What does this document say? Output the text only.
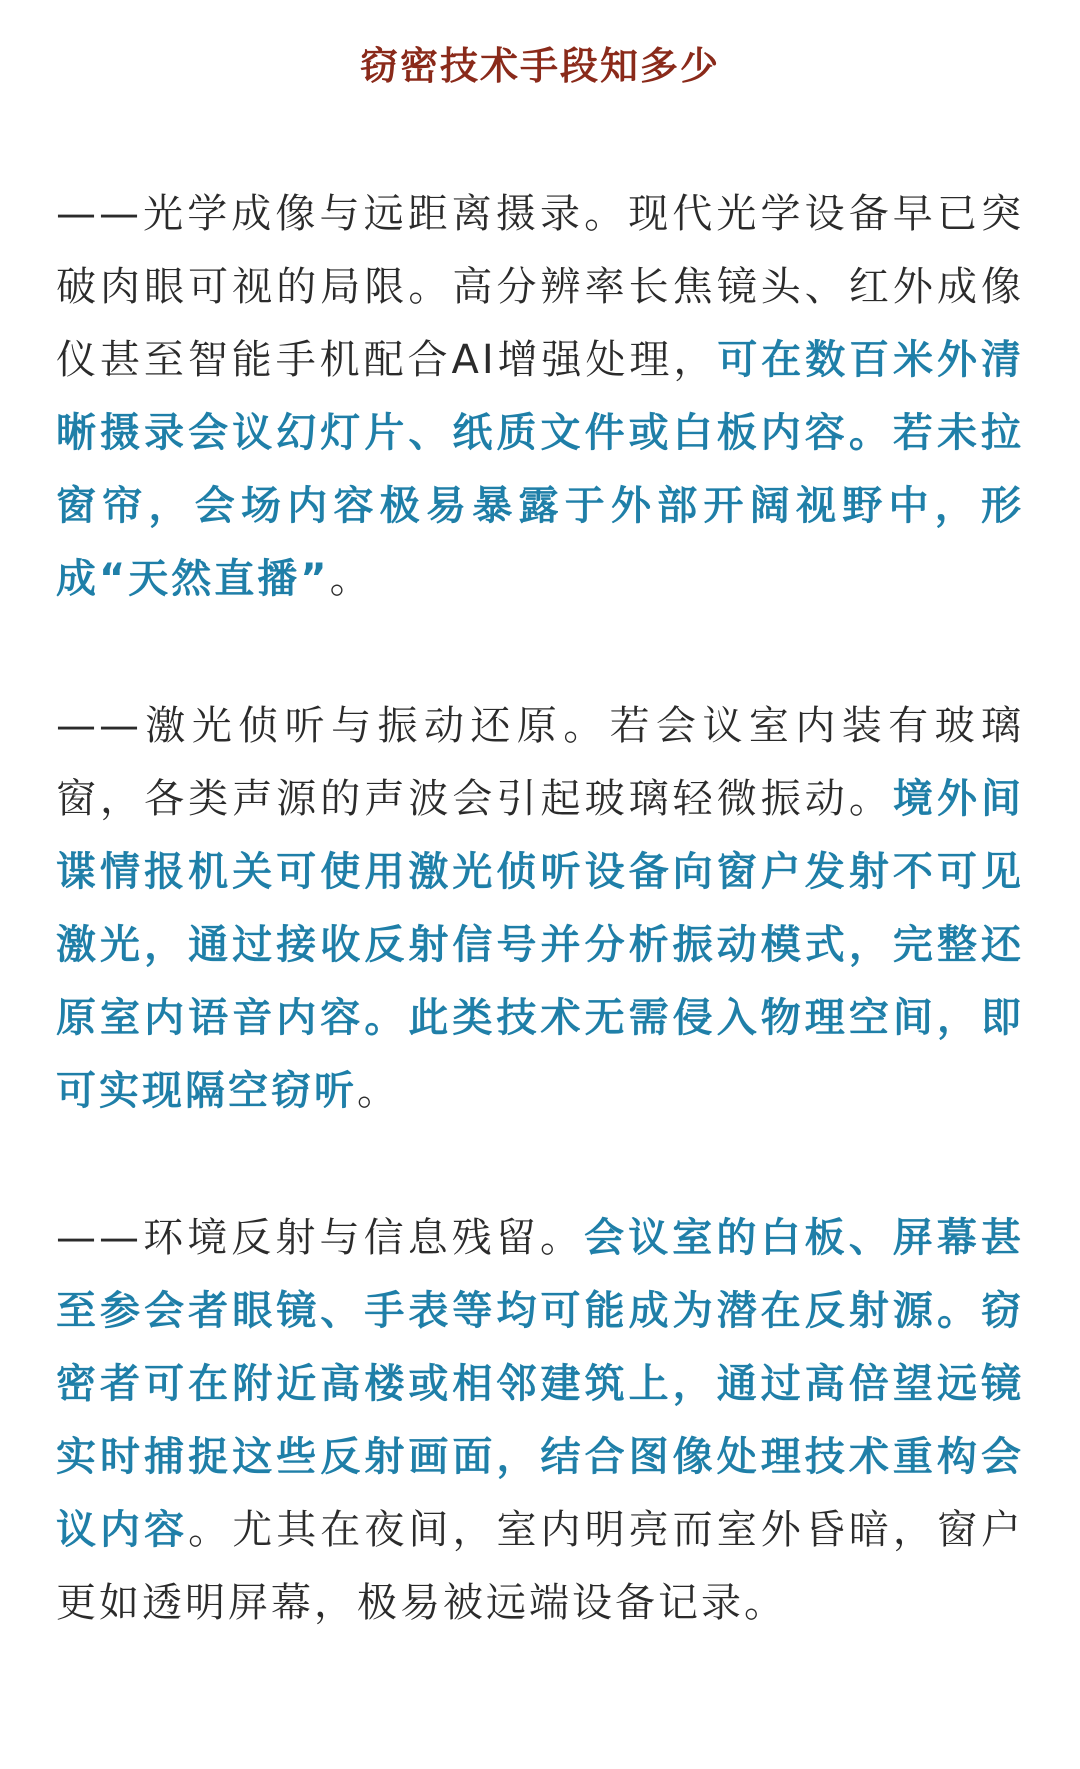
窃密技术手段知多少

——光学成像与远距离摄录。现代光学设备早已突破肉眼可视的局限。高分辨率长焦镜头、红外成像仪甚至智能手机配合AI增强处理，可在数百米外清晰摄录会议幻灯片、纸质文件或白板内容。若未拉窗帘，会场内容极易暴露于外部开阔视野中，形成“天然直播”。

——激光侦听与振动还原。若会议室内装有玻璃窗，各类声源的声波会引起玻璃轻微振动。境外间谍情报机关可使用激光侦听设备向窗户发射不可见激光，通过接收反射信号并分析振动模式，完整还原室内语音内容。此类技术无需侵入物理空间，即可实现隔空窃听。

——环境反射与信息残留。会议室的白板、屏幕甚至参会者眼镜、手表等均可能成为潜在反射源。窃密者可在附近高楼或相邻建筑上，通过高倍望远镜实时捕捉这些反射画面，结合图像处理技术重构会议内容。尤其在夜间，室内明亮而室外昏暗，窗户更如透明屏幕，极易被远端设备记录。
